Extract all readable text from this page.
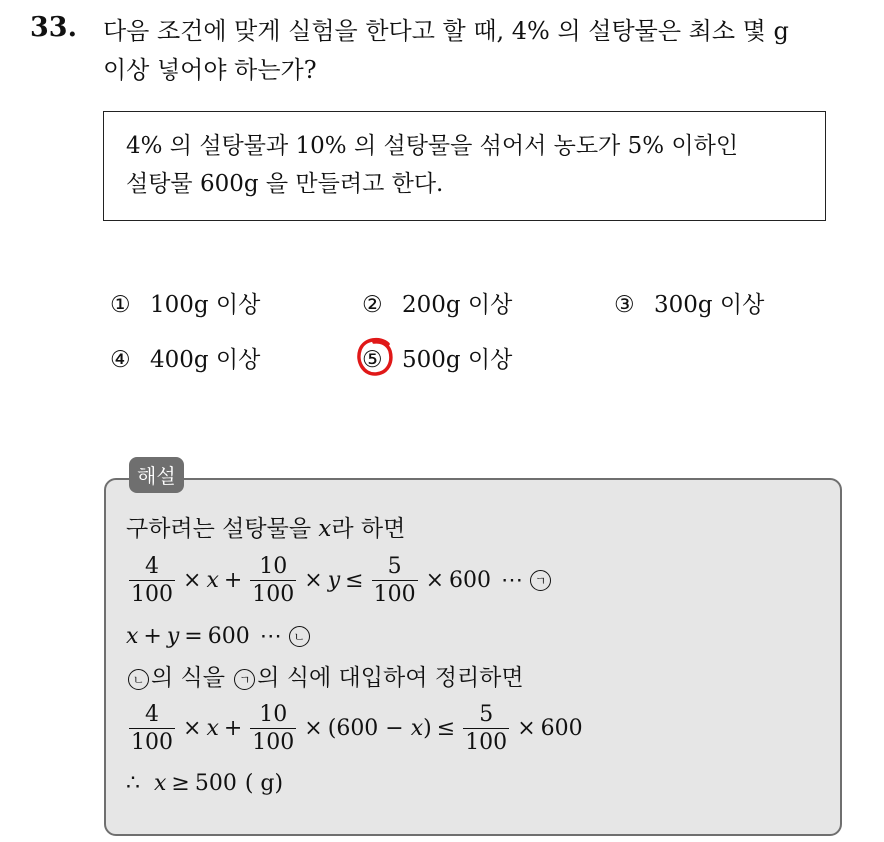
33. 다음 조건에 맞게 실험을 한다고 할 때, 4% 의 설탕물은 최소 몇 g
이상 넣어야 하는가?
4% 의 설탕물과 10% 의 설탕물을 섞어서 농도가 5% 이하인
설탕물 600g 을 만들려고 한다.
① 100g 이상	② 200g 이상	③ 300g 이상
④ 400g 이상	⑤ 500g 이상
해설
구하려는 설탕물을 x라 하면
$\frac{4}{100} \times x + \frac{10}{100} \times y \le \frac{5}{100} \times 600$ ⋯ ㄱ
x + y = 600 ⋯ ㄴ
ㄴ 의 식을 ㄱ 의 식에 대입하여 정리하면
$\frac{4}{100} \times x + \frac{10}{100} \times (600 - x$ ) ≤ $\frac{5}{100} \times 600$
∴ x ≥ 500 ( g)
